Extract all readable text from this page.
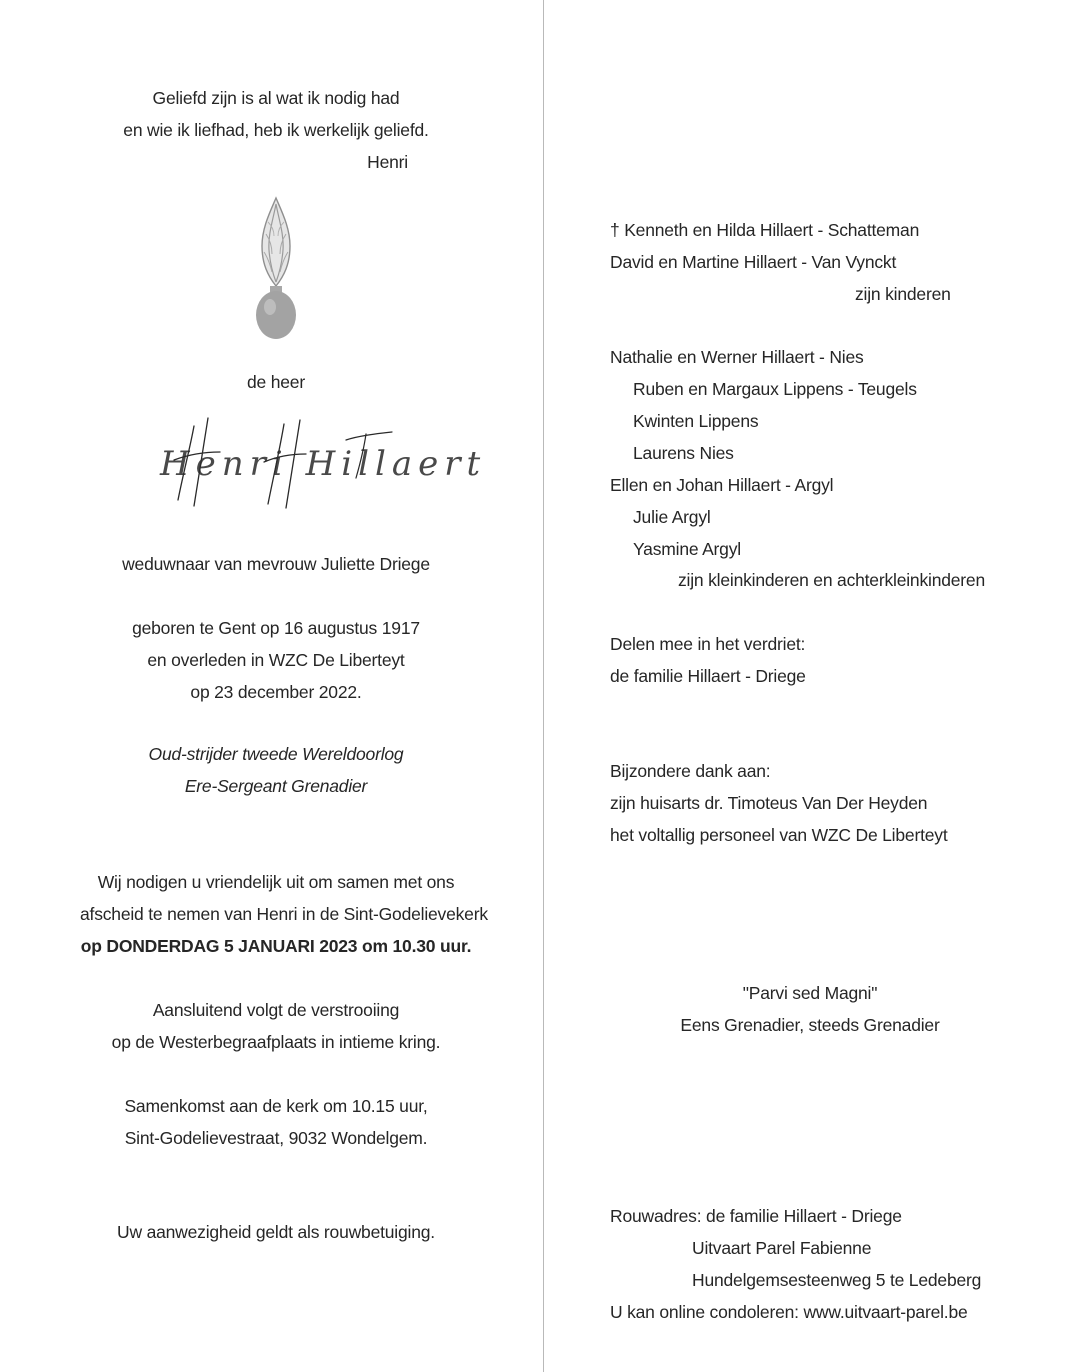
Geliefd zijn is al wat ik nodig had
en wie ik liefhad, heb ik werkelijk geliefd.
Henri
de heer
Henri Hillaert
weduwnaar van mevrouw Juliette Driege
geboren te Gent op 16 augustus 1917
en overleden in WZC De Liberteyt
op 23 december 2022.
Oud-strijder tweede Wereldoorlog
Ere-Sergeant Grenadier
Wij nodigen u vriendelijk uit om samen met ons
afscheid te nemen van Henri in de Sint-Godelievekerk
op DONDERDAG 5 JANUARI 2023 om 10.30 uur.
Aansluitend volgt de verstrooiing
op de Westerbegraafplaats in intieme kring.
Samenkomst aan de kerk om 10.15 uur,
Sint-Godelievestraat, 9032 Wondelgem.
Uw aanwezigheid geldt als rouwbetuiging.
† Kenneth en Hilda Hillaert - Schatteman
David en Martine Hillaert - Van Vynckt
zijn kinderen
Nathalie en Werner Hillaert - Nies
Ruben en Margaux Lippens - Teugels
Kwinten Lippens
Laurens Nies
Ellen en Johan Hillaert - Argyl
Julie Argyl
Yasmine Argyl
zijn kleinkinderen en achterkleinkinderen
Delen mee in het verdriet:
de familie Hillaert - Driege
Bijzondere dank aan:
zijn huisarts dr. Timoteus Van Der Heyden
het voltallig personeel van WZC De Liberteyt
"Parvi sed Magni"
Eens Grenadier, steeds Grenadier
Rouwadres: de familie Hillaert - Driege
Uitvaart Parel Fabienne
Hundelgemsesteenweg 5 te Ledeberg
U kan online condoleren: www.uitvaart-parel.be
